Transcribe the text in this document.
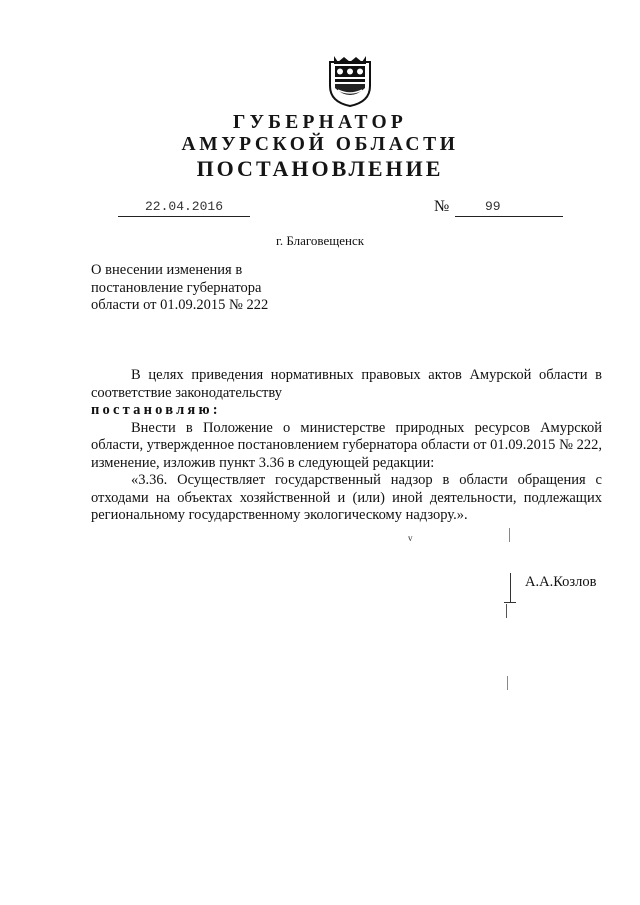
ГУБЕРНАТОР
АМУРСКОЙ ОБЛАСТИ
ПОСТАНОВЛЕНИЕ
22.04.2016	№	99
г. Благовещенск
О внесении изменения в постановление губернатора области от 01.09.2015 № 222

В целях приведения нормативных правовых актов Амурской области в соответствие законодательству

постановляю:

Внести в Положение о министерстве природных ресурсов Амурской области, утвержденное постановлением губернатора области от 01.09.2015 № 222, изменение, изложив пункт 3.36 в следующей редакции:

«3.36. Осуществляет государственный надзор в области обращения с отходами на объектах хозяйственной и (или) иной деятельности, подлежащих региональному государственному экологическому надзору.».

ᴠ
А.А.Козлов
